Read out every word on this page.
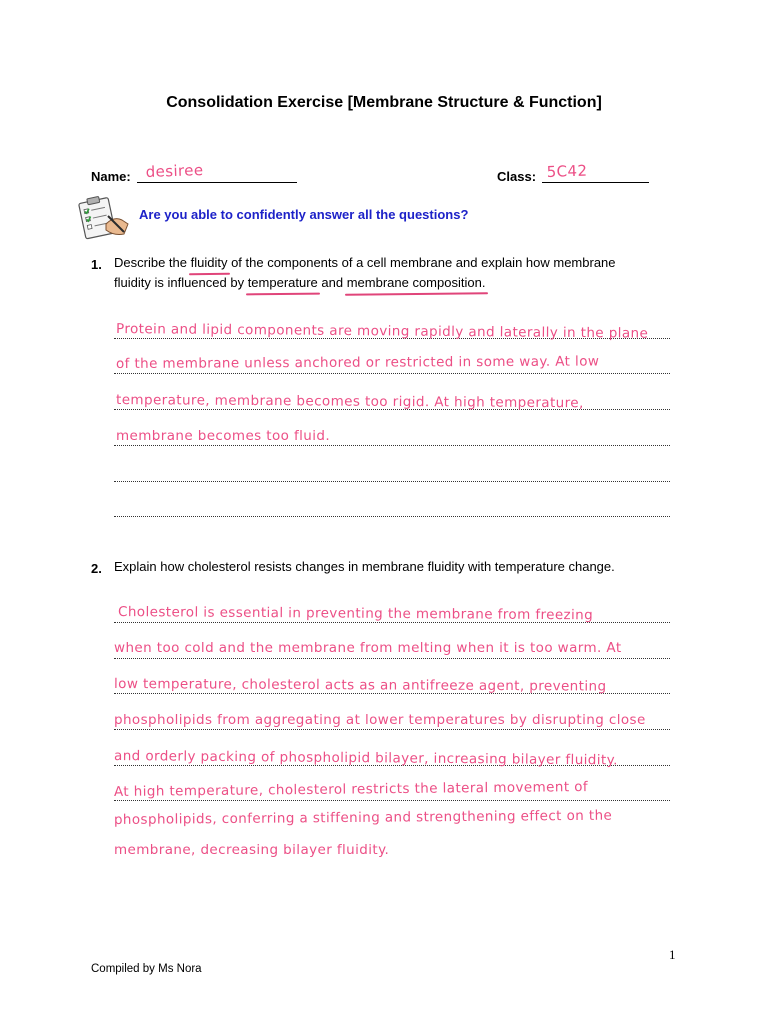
Consolidation Exercise [Membrane Structure & Function]
Name: desiree	Class: 5C42
Are you able to confidently answer all the questions?
1. Describe the fluidity of the components of a cell membrane and explain how membrane
fluidity is influenced by temperature and membrane composition.
Protein and lipid components are moving rapidly and laterally in the plane
of the membrane unless anchored or restricted in some way. At low
temperature, membrane becomes too rigid. At high temperature,
membrane becomes too fluid.
2. Explain how cholesterol resists changes in membrane fluidity with temperature change.
Cholesterol is essential in preventing the membrane from freezing
when too cold and the membrane from melting when it is too warm. At
low temperature, cholesterol acts as an antifreeze agent, preventing
phospholipids from aggregating at lower temperatures by disrupting close
and orderly packing of phospholipid bilayer, increasing bilayer fluidity.
At high temperature, cholesterol restricts the lateral movement of
phospholipids, conferring a stiffening and strengthening effect on the
membrane, decreasing bilayer fluidity.
1
Compiled by Ms Nora
